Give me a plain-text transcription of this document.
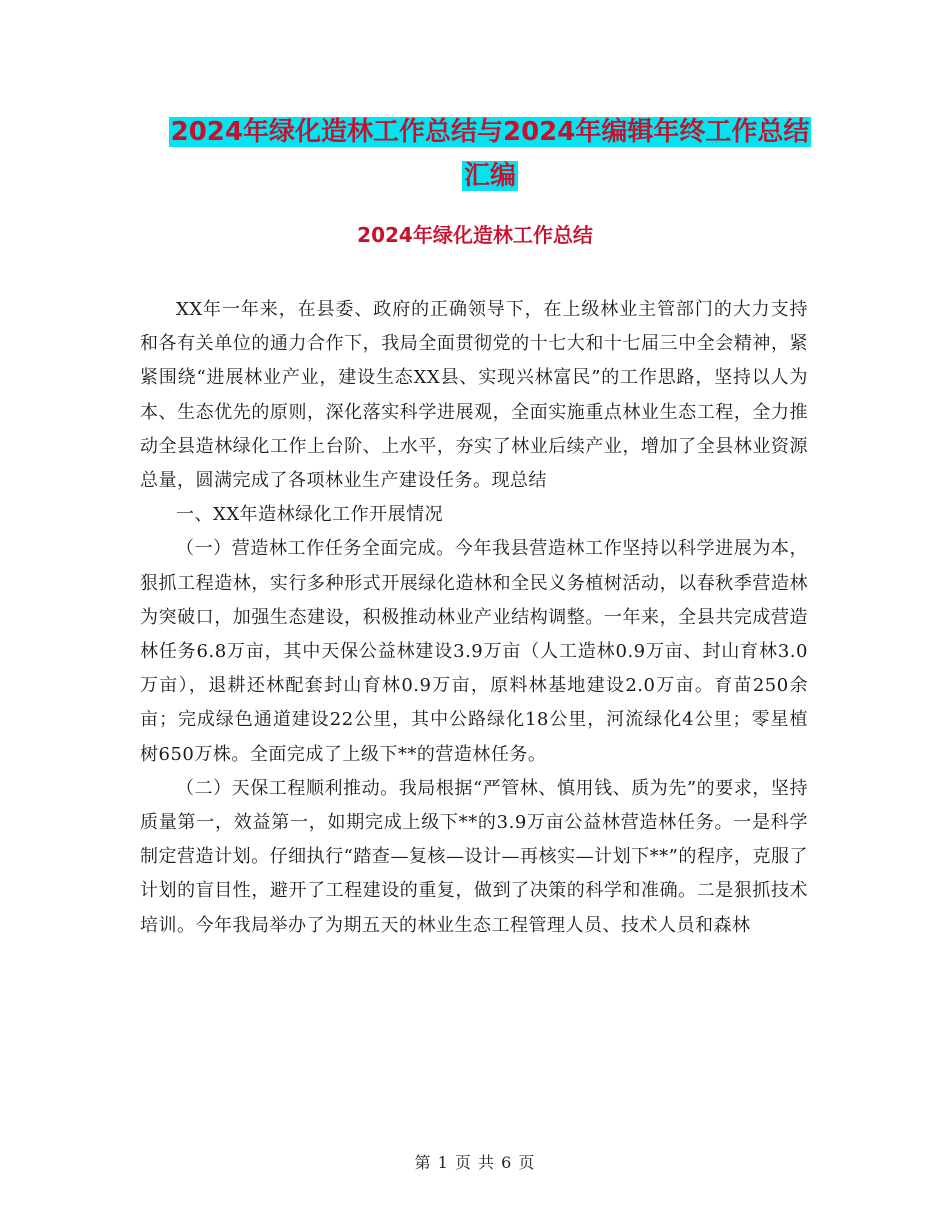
2024年绿化造林工作总结与2024年编辑年终工作总结
汇编
2024年绿化造林工作总结

XX年一年来，在县委、政府的正确领导下，在上级林业主管部门的大力支持和各有关单位的通力合作下，我局全面贯彻党的十七大和十七届三中全会精神，紧紧围绕“进展林业产业，建设生态XX县、实现兴林富民”的工作思路，坚持以人为本、生态优先的原则，深化落实科学进展观，全面实施重点林业生态工程，全力推动全县造林绿化工作上台阶、上水平，夯实了林业后续产业，增加了全县林业资源总量，圆满完成了各项林业生产建设任务。现总结

一、XX年造林绿化工作开展情况

（一）营造林工作任务全面完成。今年我县营造林工作坚持以科学进展为本，狠抓工程造林，实行多种形式开展绿化造林和全民义务植树活动，以春秋季营造林为突破口，加强生态建设，积极推动林业产业结构调整。一年来，全县共完成营造林任务6.8万亩，其中天保公益林建设3.9万亩（人工造林0.9万亩、封山育林3.0万亩），退耕还林配套封山育林0.9万亩，原料林基地建设2.0万亩。育苗250余亩；完成绿色通道建设22公里，其中公路绿化18公里，河流绿化4公里；零星植树650万株。全面完成了上级下**的营造林任务。

（二）天保工程顺利推动。我局根据“严管林、慎用钱、质为先”的要求，坚持质量第一，效益第一，如期完成上级下**的3.9万亩公益林营造林任务。一是科学制定营造计划。仔细执行“踏查—复核—设计—再核实—计划下**”的程序，克服了计划的盲目性，避开了工程建设的重复，做到了决策的科学和准确。二是狠抓技术培训。今年我局举办了为期五天的林业生态工程管理人员、技术人员和森林

第 1 页 共 6 页
